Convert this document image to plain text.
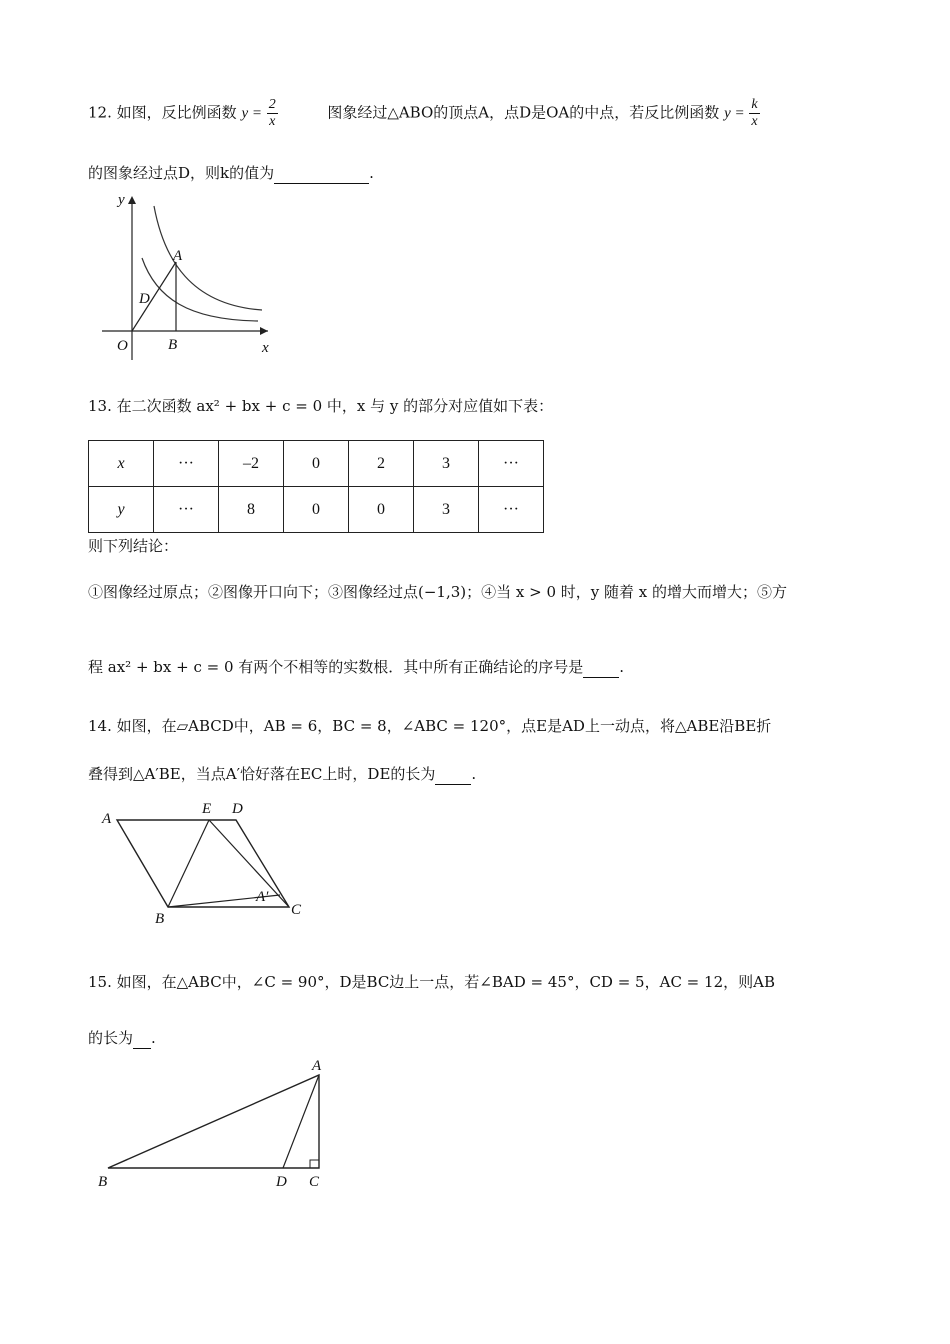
12. 如图，反比例函数 $y = \frac{2}{x}$	图象经过△ABO的顶点A，点D是OA的中点，若反比例函数 $y = \frac{k}{x}$
的图象经过点D，则k的值为	.
y
x
O
A
B
D
13. 在二次函数 ax² + bx + c = 0 中，x 与 y 的部分对应值如下表：
x	···	–2	0	2	3	···
y	···	8	0	0	3	···
则下列结论：
①图像经过原点；②图像开口向下；③图像经过点(−1,3)；④当 x > 0 时，y 随着 x 的增大而增大；⑤方
程 ax² + bx + c = 0 有两个不相等的实数根．其中所有正确结论的序号是 .
14. 如图，在▱ABCD中，AB = 6，BC = 8，∠ABC = 120°，点E是AD上一动点，将△ABE沿BE折
叠得到△A′BE，当点A′恰好落在EC上时，DE的长为 .
A
E D
B
C
A′
15. 如图，在△ABC中，∠C = 90°，D是BC边上一点，若∠BAD = 45°，CD = 5，AC = 12，则AB
的长为 .
A
B	D C
